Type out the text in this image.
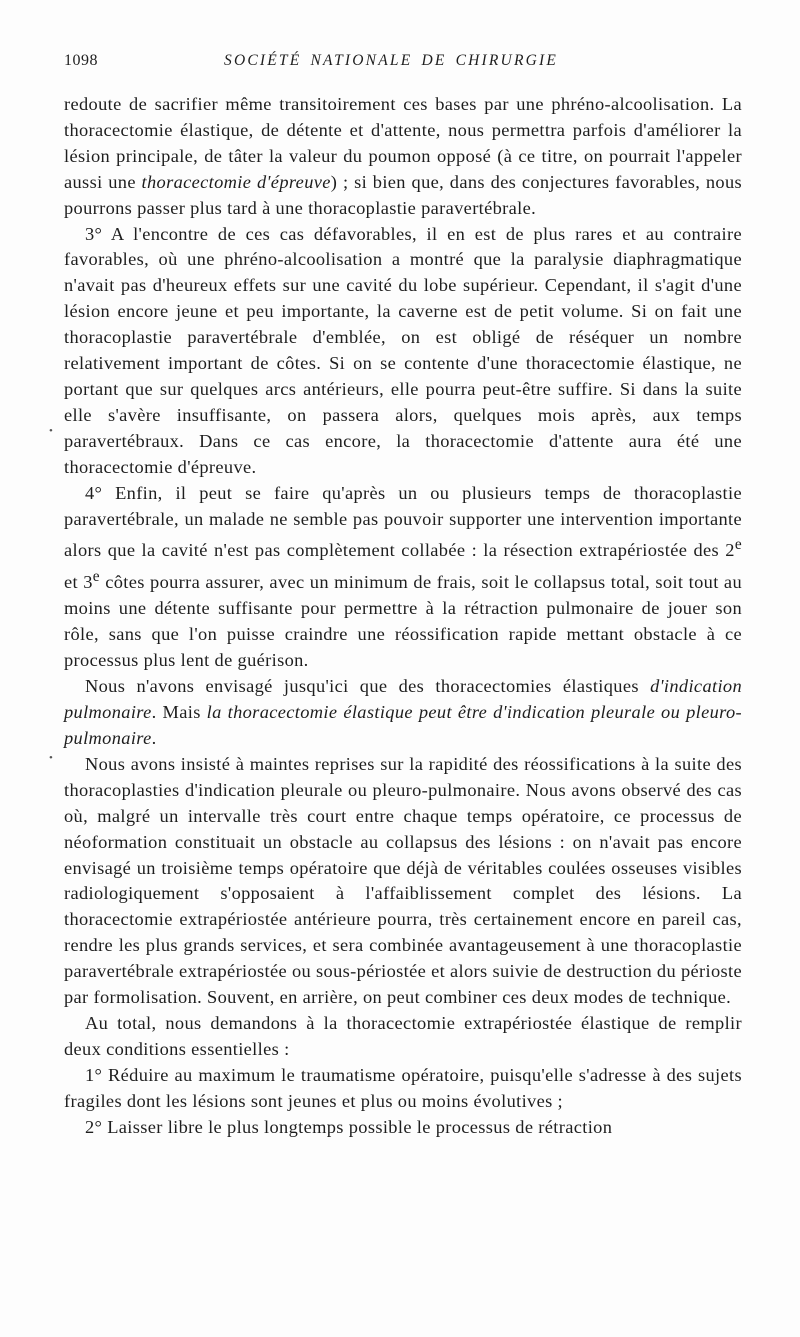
1098	SOCIÉTÉ NATIONALE DE CHIRURGIE
•
•

redoute de sacrifier même transitoirement ces bases par une phréno-alcoolisation. La thoracectomie élastique, de détente et d'attente, nous permettra parfois d'améliorer la lésion principale, de tâter la valeur du poumon opposé (à ce titre, on pourrait l'appeler aussi une thoracectomie d'épreuve) ; si bien que, dans des conjectures favorables, nous pourrons passer plus tard à une thoracoplastie paravertébrale.

3° A l'encontre de ces cas défavorables, il en est de plus rares et au contraire favorables, où une phréno-alcoolisation a montré que la paralysie diaphragmatique n'avait pas d'heureux effets sur une cavité du lobe supérieur. Cependant, il s'agit d'une lésion encore jeune et peu importante, la caverne est de petit volume. Si on fait une thoracoplastie paravertébrale d'emblée, on est obligé de réséquer un nombre relativement important de côtes. Si on se contente d'une thoracectomie élastique, ne portant que sur quelques arcs antérieurs, elle pourra peut-être suffire. Si dans la suite elle s'avère insuffisante, on passera alors, quelques mois après, aux temps paravertébraux. Dans ce cas encore, la thoracectomie d'attente aura été une thoracectomie d'épreuve.

4° Enfin, il peut se faire qu'après un ou plusieurs temps de thoracoplastie paravertébrale, un malade ne semble pas pouvoir supporter une intervention importante alors que la cavité n'est pas complètement collabée : la résection extrapériostée des 2e et 3e côtes pourra assurer, avec un minimum de frais, soit le collapsus total, soit tout au moins une détente suffisante pour permettre à la rétraction pulmonaire de jouer son rôle, sans que l'on puisse craindre une réossification rapide mettant obstacle à ce processus plus lent de guérison.

Nous n'avons envisagé jusqu'ici que des thoracectomies élastiques d'indication pulmonaire. Mais la thoracectomie élastique peut être d'indication pleurale ou pleuro-pulmonaire.

Nous avons insisté à maintes reprises sur la rapidité des réossifications à la suite des thoracoplasties d'indication pleurale ou pleuro-pulmonaire. Nous avons observé des cas où, malgré un intervalle très court entre chaque temps opératoire, ce processus de néoformation constituait un obstacle au collapsus des lésions : on n'avait pas encore envisagé un troisième temps opératoire que déjà de véritables coulées osseuses visibles radiologiquement s'opposaient à l'affaiblissement complet des lésions. La thoracectomie extrapériostée antérieure pourra, très certainement encore en pareil cas, rendre les plus grands services, et sera combinée avantageusement à une thoracoplastie paravertébrale extrapériostée ou sous-périostée et alors suivie de destruction du périoste par formolisation. Souvent, en arrière, on peut combiner ces deux modes de technique.

Au total, nous demandons à la thoracectomie extrapériostée élastique de remplir deux conditions essentielles :

1° Réduire au maximum le traumatisme opératoire, puisqu'elle s'adresse à des sujets fragiles dont les lésions sont jeunes et plus ou moins évolutives ;

2° Laisser libre le plus longtemps possible le processus de rétraction
